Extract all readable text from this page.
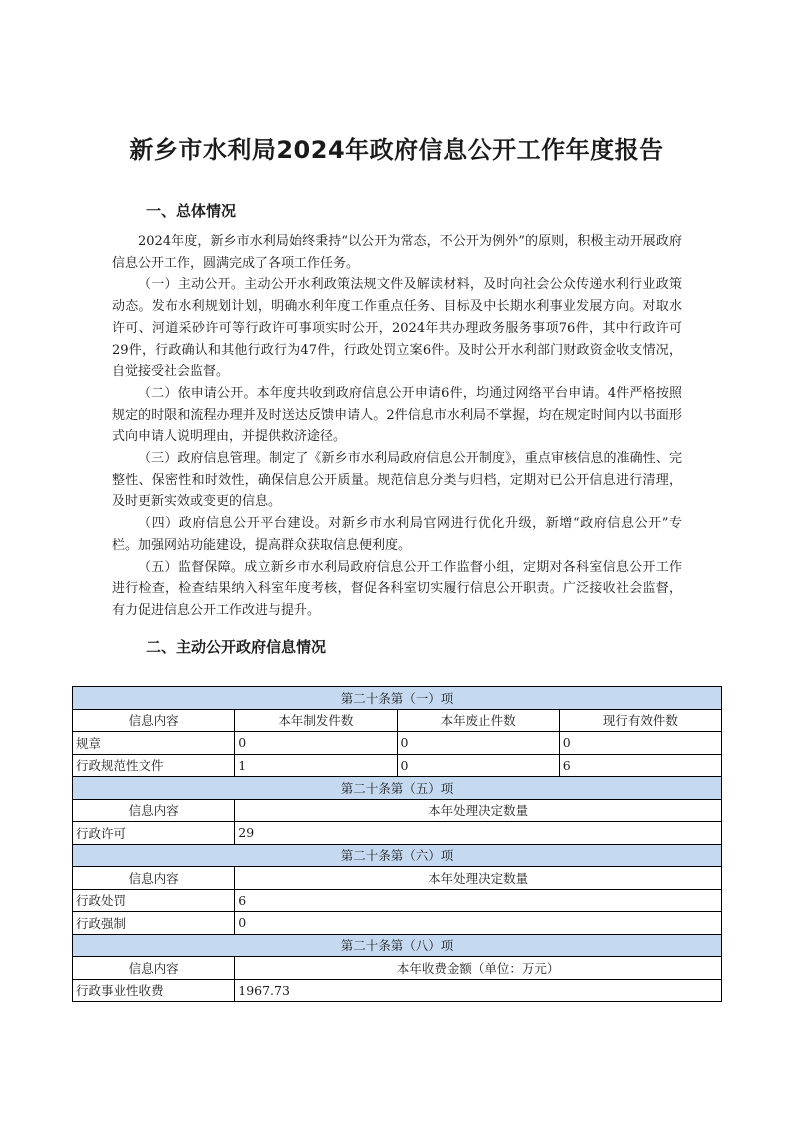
新乡市水利局2024年政府信息公开工作年度报告
一、总体情况

2024年度，新乡市水利局始终秉持“以公开为常态，不公开为例外”的原则，积极主动开展政府信息公开工作，圆满完成了各项工作任务。

（一）主动公开。主动公开水利政策法规文件及解读材料，及时向社会公众传递水利行业政策动态。发布水利规划计划，明确水利年度工作重点任务、目标及中长期水利事业发展方向。对取水许可、河道采砂许可等行政许可事项实时公开，2024年共办理政务服务事项76件，其中行政许可29件，行政确认和其他行政行为47件，行政处罚立案6件。及时公开水利部门财政资金收支情况，自觉接受社会监督。

（二）依申请公开。本年度共收到政府信息公开申请6件，均通过网络平台申请。4件严格按照规定的时限和流程办理并及时送达反馈申请人。2件信息市水利局不掌握，均在规定时间内以书面形式向申请人说明理由，并提供救济途径。

（三）政府信息管理。制定了《新乡市水利局政府信息公开制度》，重点审核信息的准确性、完整性、保密性和时效性，确保信息公开质量。规范信息分类与归档，定期对已公开信息进行清理，及时更新实效或变更的信息。

（四）政府信息公开平台建设。对新乡市水利局官网进行优化升级，新增“政府信息公开”专栏。加强网站功能建设，提高群众获取信息便利度。

（五）监督保障。成立新乡市水利局政府信息公开工作监督小组，定期对各科室信息公开工作进行检查，检查结果纳入科室年度考核，督促各科室切实履行信息公开职责。广泛接收社会监督，有力促进信息公开工作改进与提升。

二、主动公开政府信息情况
第二十条第（一）项			
信息内容	本年制发件数	本年废止件数	现行有效件数
规章	0	0	0
行政规范性文件	1	0	6
第二十条第（五）项			
信息内容	本年处理决定数量		
行政许可	29		
第二十条第（六）项			
信息内容	本年处理决定数量		
行政处罚	6		
行政强制	0		
第二十条第（八）项			
信息内容	本年收费金额（单位：万元）		
行政事业性收费	1967.73		
